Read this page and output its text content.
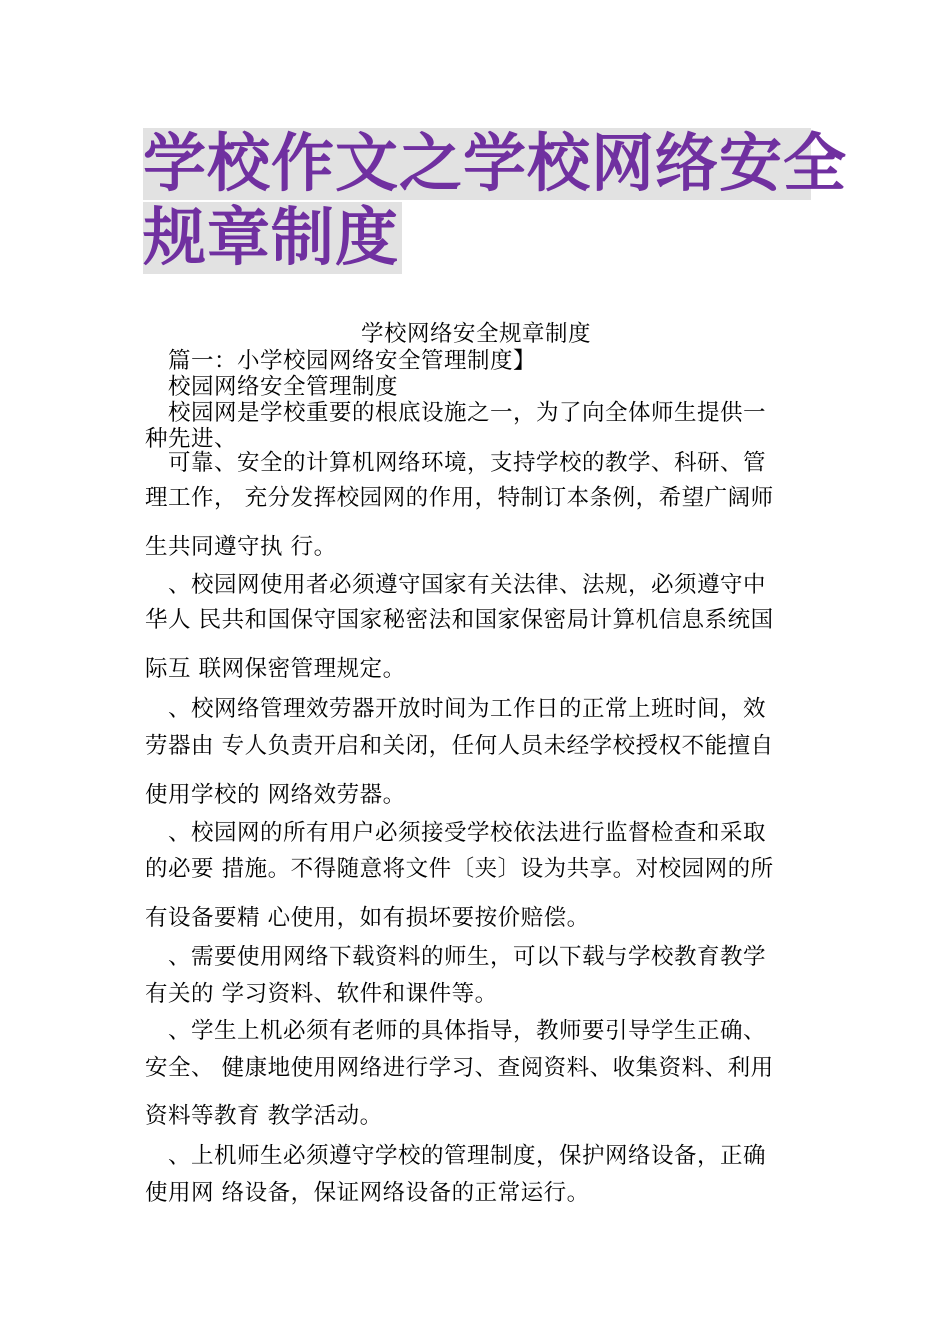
学校作文之学校网络安全
规章制度
学校网络安全规章制度
篇一：小学校园网络安全管理制度】
校园网络安全管理制度
　校园网是学校重要的根底设施之一，为了向全体师生提供一
种先进、
　可靠、安全的计算机网络环境，支持学校的教学、科研、管
理工作， 充分发挥校园网的作用，特制订本条例，希望广阔师
生共同遵守执 行。
　、校园网使用者必须遵守国家有关法律、法规，必须遵守中
华人 民共和国保守国家秘密法和国家保密局计算机信息系统国
际互 联网保密管理规定。
　、校网络管理效劳器开放时间为工作日的正常上班时间，效
劳器由 专人负责开启和关闭，任何人员未经学校授权不能擅自
使用学校的 网络效劳器。
　、校园网的所有用户必须接受学校依法进行监督检查和采取
的必要 措施。不得随意将文件〔夹〕设为共享。对校园网的所
有设备要精 心使用，如有损坏要按价赔偿。
　、需要使用网络下载资料的师生，可以下载与学校教育教学
有关的 学习资料、软件和课件等。
　、学生上机必须有老师的具体指导，教师要引导学生正确、
安全、 健康地使用网络进行学习、查阅资料、收集资料、利用
资料等教育 教学活动。
　、上机师生必须遵守学校的管理制度，保护网络设备，正确
使用网 络设备，保证网络设备的正常运行。
